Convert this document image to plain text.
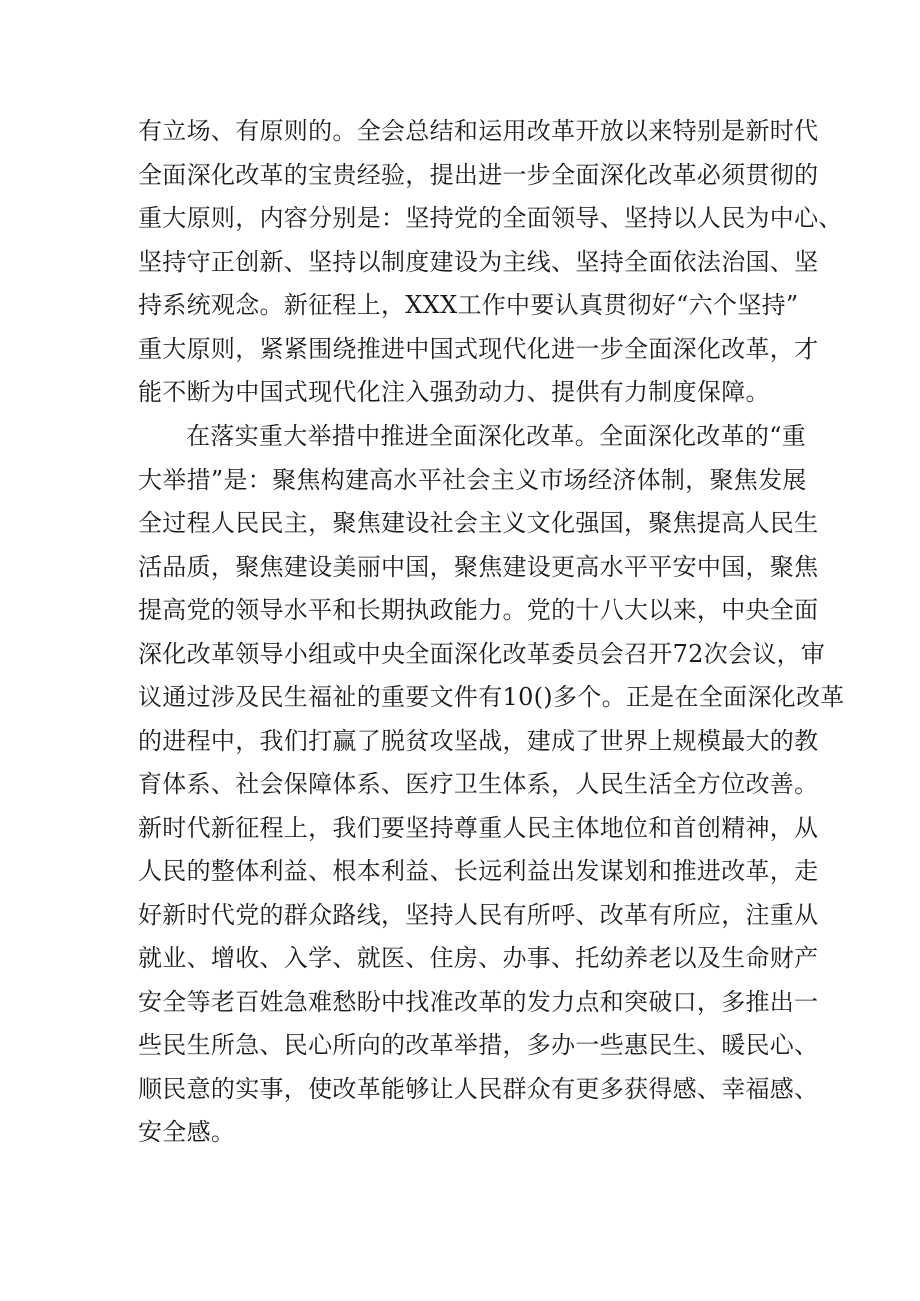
有立场、有原则的。全会总结和运用改革开放以来特别是新时代
全面深化改革的宝贵经验，提出进一步全面深化改革必须贯彻的
重大原则，内容分别是：坚持党的全面领导、坚持以人民为中心、
坚持守正创新、坚持以制度建设为主线、坚持全面依法治国、坚
持系统观念。新征程上，XXX工作中要认真贯彻好“六个坚持”
重大原则，紧紧围绕推进中国式现代化进一步全面深化改革，才
能不断为中国式现代化注入强劲动力、提供有力制度保障。
在落实重大举措中推进全面深化改革。全面深化改革的“重
大举措”是：聚焦构建高水平社会主义市场经济体制，聚焦发展
全过程人民民主，聚焦建设社会主义文化强国，聚焦提高人民生
活品质，聚焦建设美丽中国，聚焦建设更高水平平安中国，聚焦
提高党的领导水平和长期执政能力。党的十八大以来，中央全面
深化改革领导小组或中央全面深化改革委员会召开72次会议，审
议通过涉及民生福祉的重要文件有10()多个。正是在全面深化改革
的进程中，我们打赢了脱贫攻坚战，建成了世界上规模最大的教
育体系、社会保障体系、医疗卫生体系，人民生活全方位改善。
新时代新征程上，我们要坚持尊重人民主体地位和首创精神，从
人民的整体利益、根本利益、长远利益出发谋划和推进改革，走
好新时代党的群众路线，坚持人民有所呼、改革有所应，注重从
就业、增收、入学、就医、住房、办事、托幼养老以及生命财产
安全等老百姓急难愁盼中找准改革的发力点和突破口，多推出一
些民生所急、民心所向的改革举措，多办一些惠民生、暖民心、
顺民意的实事，使改革能够让人民群众有更多获得感、幸福感、
安全感。
